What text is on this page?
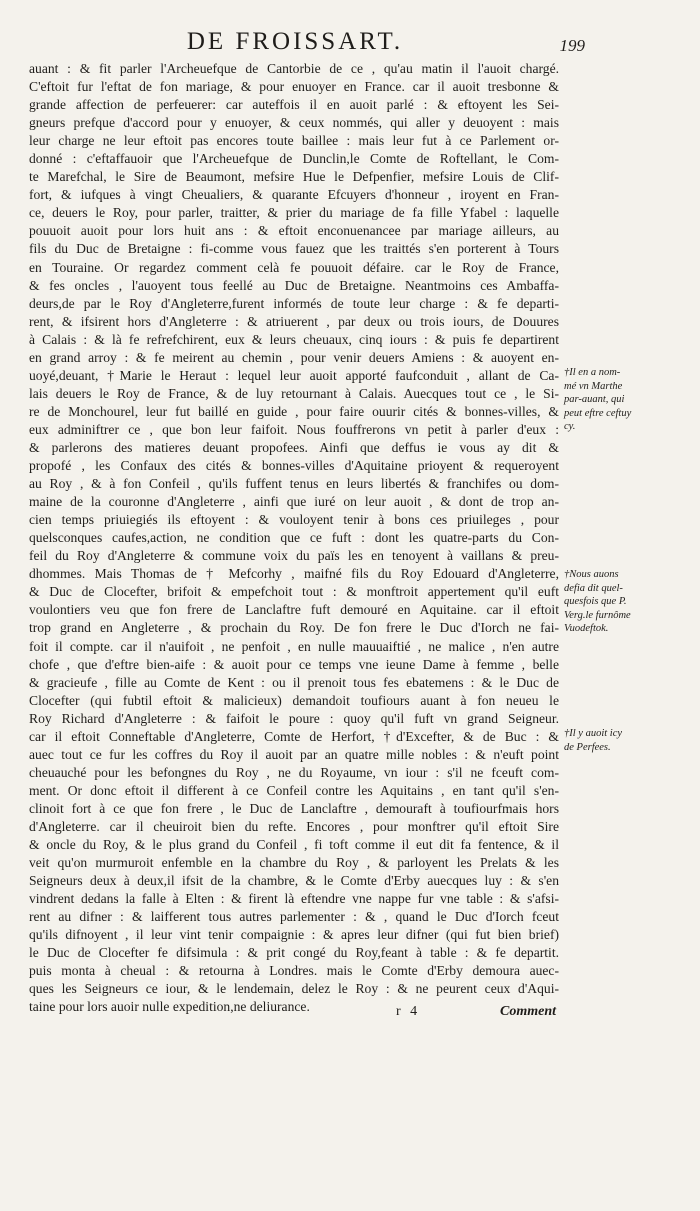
DE FROISSART.	199
auant : & fit parler l'Archeuefque de Cantorbie de ce , qu'au matin il l'auoit chargé.
C'eftoit fur l'eftat de fon mariage, & pour enuoyer en France. car il auoit tresbonne &
grande affection de perfeuerer: car auteffois il en auoit parlé : & eftoyent les Sei-
gneurs prefque d'accord pour y enuoyer, & ceux nommés, qui aller y deuoyent : mais
leur charge ne leur eftoit pas encores toute baillee : mais leur fut à ce Parlement or-
donné : c'eftaffauoir que l'Archeuefque de Dunclin,le Comte de Roftellant, le Com-
te Marefchal, le Sire de Beaumont, mefsire Hue le Defpenfier, mefsire Louis de Clif-
fort, & iufques à vingt Cheualiers, & quarante Efcuyers d'honneur , iroyent en Fran-
ce, deuers le Roy, pour parler, traitter, & prier du mariage de fa fille Yfabel : laquelle
pouuoit auoit pour lors huit ans : & eftoit enconuenancee par mariage ailleurs, au
fils du Duc de Bretaigne : fi-comme vous fauez que les traittés s'en porterent à Tours
en Touraine. Or regardez comment celà fe pouuoit défaire. car le Roy de France,
& fes oncles , l'auoyent tous feellé au Duc de Bretaigne. Neantmoins ces Ambaffa-
deurs,de par le Roy d'Angleterre,furent informés de toute leur charge : & fe departi-
rent, & ifsirent hors d'Angleterre : & atriuerent , par deux ou trois iours, de Douures
à Calais : & là fe refrefchirent, eux & leurs cheuaux, cinq iours : & puis fe departirent
en grand arroy : & fe meirent au chemin , pour venir deuers Amiens : & auoyent en-
uoyé,deuant, †Marie le Heraut : lequel leur auoit apporté faufconduit , allant de Ca-
lais deuers le Roy de France, & de luy retournant à Calais. Auecques tout ce , le Si-
re de Monchourel, leur fut baillé en guide , pour faire ouurir cités & bonnes-villes, &
eux adminiftrer ce , que bon leur faifoit. Nous fouffrerons vn petit à parler d'eux :
& parlerons des matieres deuant propofees. Ainfi que deffus ie vous ay dit &
propofé , les Confaux des cités & bonnes-villes d'Aquitaine prioyent & requeroyent
au Roy , & à fon Confeil , qu'ils fuffent tenus en leurs libertés & franchifes ou dom-
maine de la couronne d'Angleterre , ainfi que iuré on leur auoit , & dont de trop an-
cien temps priuiegiés ils eftoyent : & vouloyent tenir à bons ces priuileges , pour
quelsconques caufes,action, ne condition que ce fuft : dont les quatre-parts du Con-
feil du Roy d'Angleterre & commune voix du païs les en tenoyent à vaillans & preu-
dhommes. Mais Thomas de † Mefcorhy , maifné fils du Roy Edouard d'Angleterre,
& Duc de Clocefter, brifoit & empefchoit tout : & monftroit appertement qu'il euft
voulontiers veu que fon frere de Lanclaftre fuft demouré en Aquitaine. car il eftoit
trop grand en Angleterre , & prochain du Roy. De fon frere le Duc d'Iorch ne fai-
foit il compte. car il n'auifoit , ne penfoit , en nulle mauuaiftié , ne malice , n'en autre
chofe , que d'eftre bien-aife : & auoit pour ce temps vne ieune Dame à femme , belle
& gracieufe , fille au Comte de Kent : ou il prenoit tous fes ebatemens : & le Duc de
Clocefter (qui fubtil eftoit & malicieux) demandoit toufiours auant à fon neueu le
Roy Richard d'Angleterre : & faifoit le poure : quoy qu'il fuft vn grand Seigneur.
car il eftoit Conneftable d'Angleterre, Comte de Herfort, †d'Excefter, & de Buc : &
auec tout ce fur les coffres du Roy il auoit par an quatre mille nobles : & n'euft point
cheuauché pour les befongnes du Roy , ne du Royaume, vn iour : s'il ne fceuft com-
ment. Or donc eftoit il different à ce Confeil contre les Aquitains , en tant qu'il s'en-
clinoit fort à ce que fon frere , le Duc de Lanclaftre , demouraft à toufiourfmais hors
d'Angleterre. car il cheuiroit bien du refte. Encores , pour monftrer qu'il eftoit Sire
& oncle du Roy, & le plus grand du Confeil , fi toft comme il eut dit fa fentence, & il
veit qu'on murmuroit enfemble en la chambre du Roy , & parloyent les Prelats & les
Seigneurs deux à deux,il ifsit de la chambre, & le Comte d'Erby auecques luy : & s'en
vindrent dedans la falle à Elten : & firent là eftendre vne nappe fur vne table : & s'afsi-
rent au difner : & laifferent tous autres parlementer : & , quand le Duc d'Iorch fceut
qu'ils difnoyent , il leur vint tenir compaignie : & apres leur difner (qui fut bien brief)
le Duc de Clocefter fe difsimula : & prit congé du Roy,feant à table : & fe departit.
puis monta à cheual : & retourna à Londres. mais le Comte d'Erby demoura auec-
ques les Seigneurs ce iour, & le lendemain, delez le Roy : & ne peurent ceux d'Aqui-
taine pour lors auoir nulle expedition,ne deliurance.
†Il en a nom-
mé vn Marthe
par-auant, qui
peut eftre ceftuy
cy.
†Nous auons
defia dit quel-
quesfois que P.
Verg.le furnôme
Vuodeftok.
†Il y auoit icy
de Perfees.
r 4	Comment
